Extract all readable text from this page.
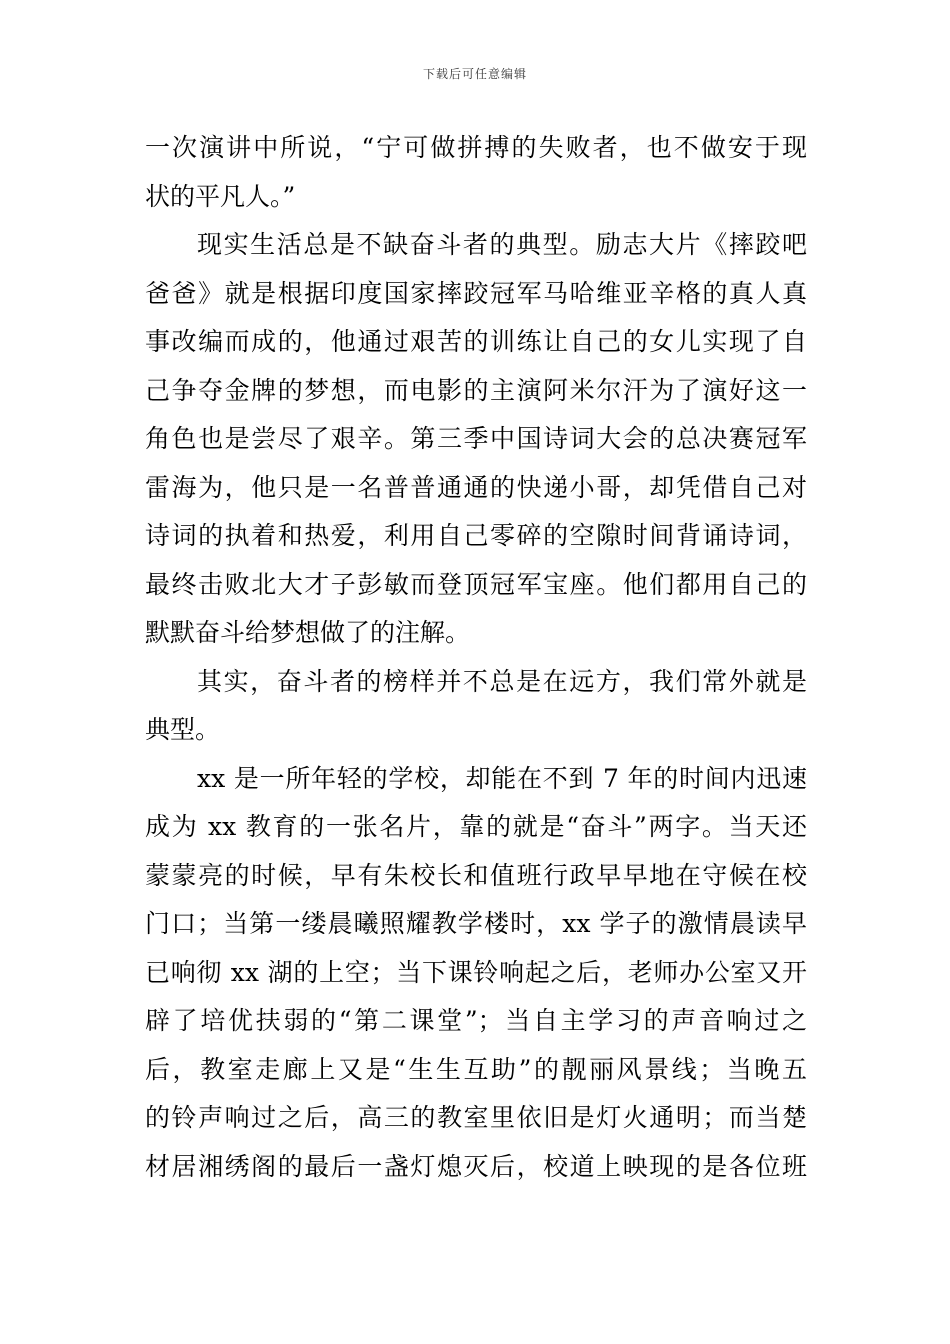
下载后可任意编辑
一次演讲中所说，“宁可做拼搏的失败者，也不做安于现
状的平凡人。”
现实生活总是不缺奋斗者的典型。励志大片《摔跤吧
爸爸》就是根据印度国家摔跤冠军马哈维亚辛格的真人真
事改编而成的，他通过艰苦的训练让自己的女儿实现了自
己争夺金牌的梦想，而电影的主演阿米尔汗为了演好这一
角色也是尝尽了艰辛。第三季中国诗词大会的总决赛冠军
雷海为，他只是一名普普通通的快递小哥，却凭借自己对
诗词的执着和热爱，利用自己零碎的空隙时间背诵诗词，
最终击败北大才子彭敏而登顶冠军宝座。他们都用自己的
默默奋斗给梦想做了的注解。
其实，奋斗者的榜样并不总是在远方，我们常外就是
典型。
xx 是一所年轻的学校，却能在不到 7 年的时间内迅速
成为 xx 教育的一张名片，靠的就是“奋斗”两字。当天还
蒙蒙亮的时候，早有朱校长和值班行政早早地在守候在校
门口；当第一缕晨曦照耀教学楼时，xx 学子的激情晨读早
已响彻 xx 湖的上空；当下课铃响起之后，老师办公室又开
辟了培优扶弱的“第二课堂”；当自主学习的声音响过之
后，教室走廊上又是“生生互助”的靓丽风景线；当晚五
的铃声响过之后，高三的教室里依旧是灯火通明；而当楚
材居湘绣阁的最后一盏灯熄灭后，校道上映现的是各位班
